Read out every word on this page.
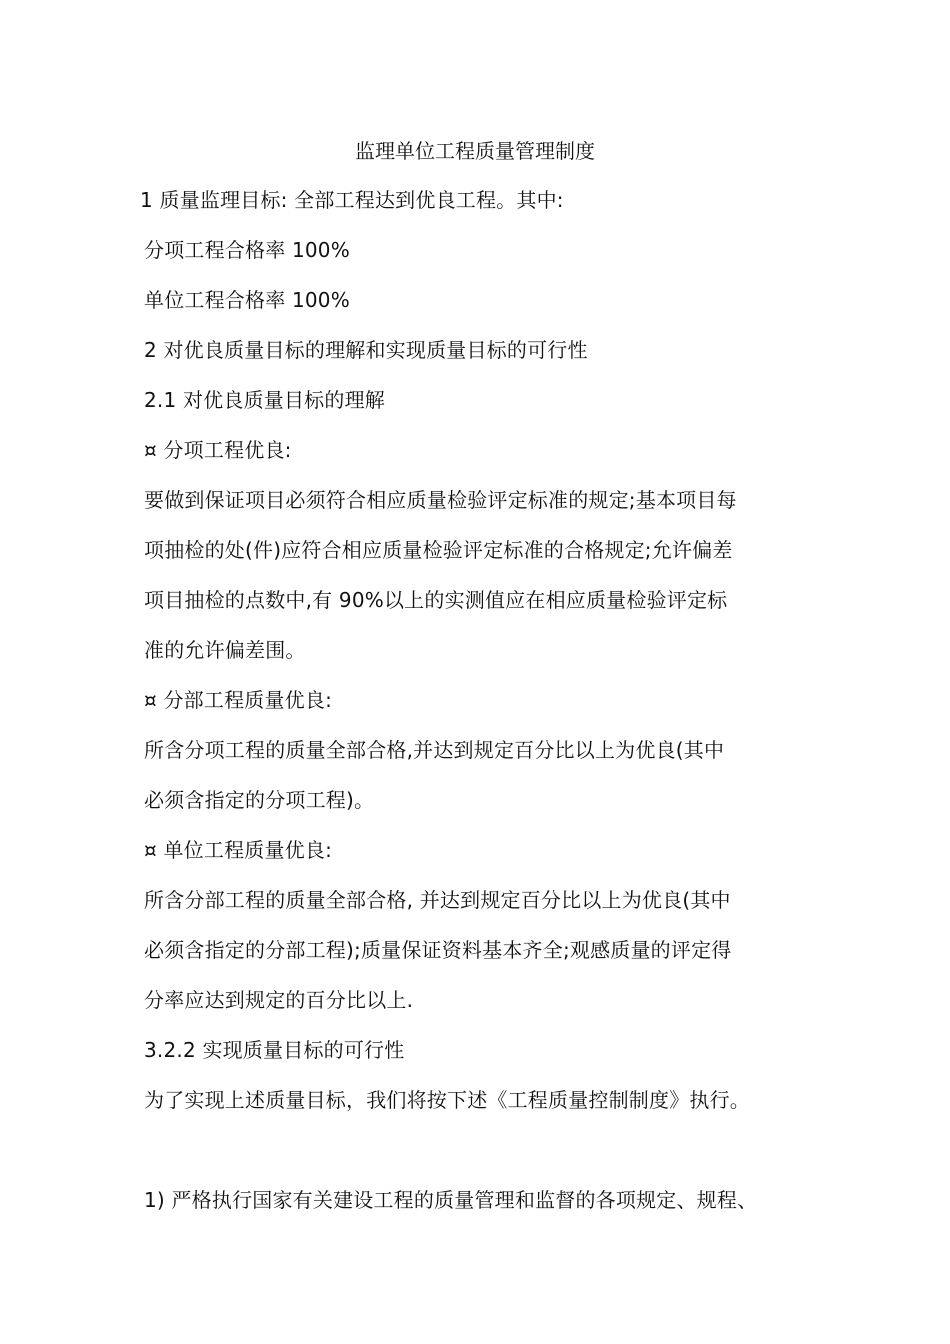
监理单位工程质量管理制度
1 质量监理目标: 全部工程达到优良工程。其中:
分项工程合格率 100%
单位工程合格率 100%
2 对优良质量目标的理解和实现质量目标的可行性
2.1 对优良质量目标的理解
¤ 分项工程优良:
要做到保证项目必须符合相应质量检验评定标准的规定;基本项目每
项抽检的处(件)应符合相应质量检验评定标准的合格规定;允许偏差
项目抽检的点数中,有 90%以上的实测值应在相应质量检验评定标
准的允许偏差围。
¤ 分部工程质量优良:
所含分项工程的质量全部合格,并达到规定百分比以上为优良(其中
必须含指定的分项工程)。
¤ 单位工程质量优良:
所含分部工程的质量全部合格, 并达到规定百分比以上为优良(其中
必须含指定的分部工程);质量保证资料基本齐全;观感质量的评定得
分率应达到规定的百分比以上.
3.2.2 实现质量目标的可行性
为了实现上述质量目标，我们将按下述《工程质量控制制度》执行。
1) 严格执行国家有关建设工程的质量管理和监督的各项规定、规程、
